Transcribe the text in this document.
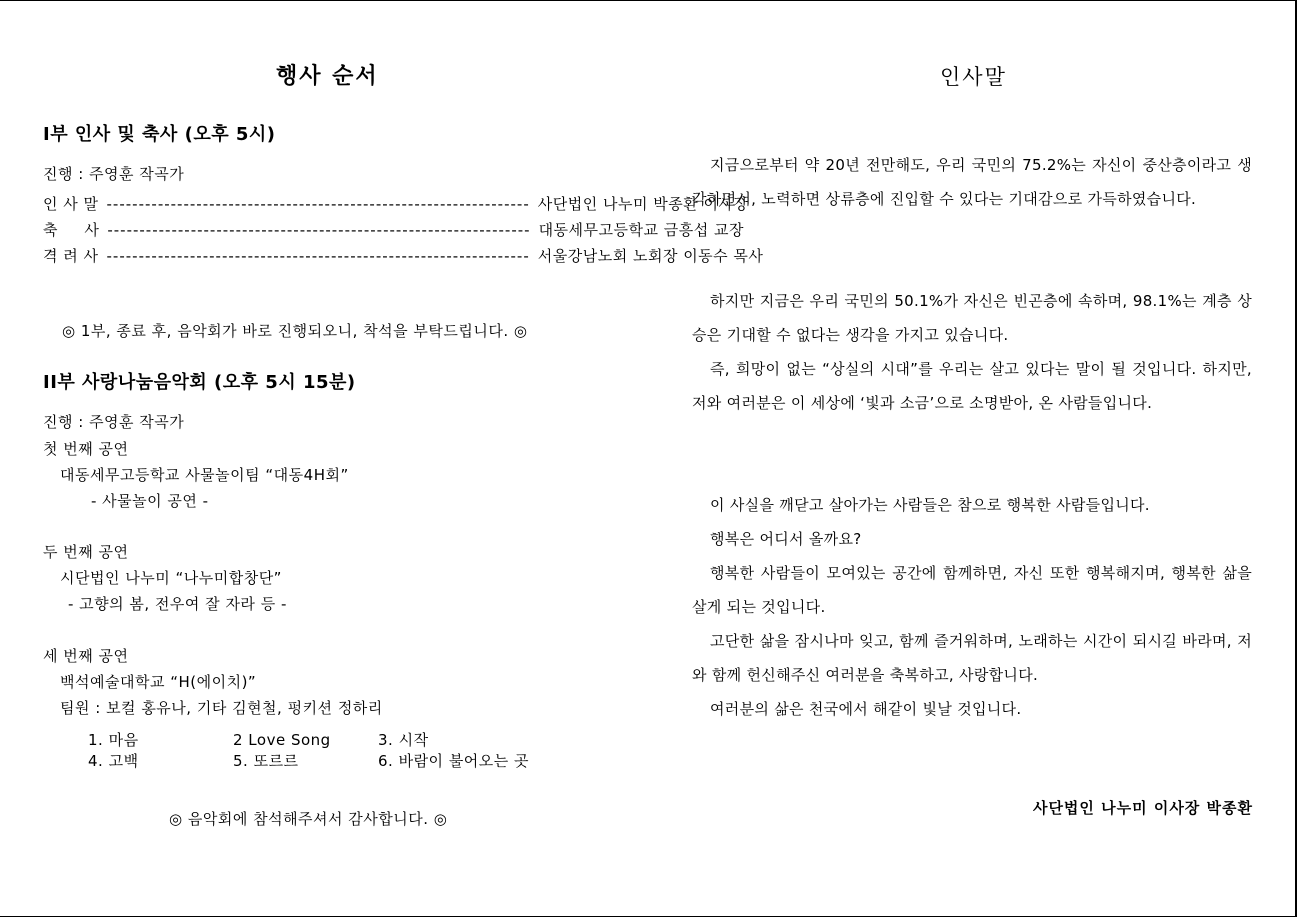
행사 순서
I부 인사 및 축사 (오후 5시)
진행 : 주영훈 작곡가
인 사 말 ------------------------------------------------------------------ 사단법인 나누미 박종환 이사장
축     사 ------------------------------------------------------------------ 대동세무고등학교 금흥섭 교장
격 려 사 ------------------------------------------------------------------ 서울강남노회 노회장 이동수 목사
◎ 1부, 종료 후, 음악회가 바로 진행되오니, 착석을 부탁드립니다. ◎
II부 사랑나눔음악회 (오후 5시 15분)
진행 : 주영훈 작곡가
첫 번째 공연
대동세무고등학교 사물놀이팀 “대동4H회”
- 사물놀이 공연 -
두 번째 공연
시단법인 나누미 “나누미합창단”
- 고향의 봄, 전우여 잘 자라 등 -
세 번째 공연
백석예술대학교 “H(에이치)”
팀원 : 보컬 홍유나, 기타 김현철, 펑키션 정하리
1. 마음	2 Love Song	3. 시작
4. 고백	5. 또르르	6. 바람이 불어오는 곳
◎ 음악회에 참석해주셔서 감사합니다. ◎
인사말
지금으로부터 약 20년 전만해도, 우리 국민의 75.2%는 자신이 중산층이라고 생각하면서, 노력하면 상류층에 진입할 수 있다는 기대감으로 가득하였습니다.
하지만 지금은 우리 국민의 50.1%가 자신은 빈곤층에 속하며, 98.1%는 계층 상승은 기대할 수 없다는 생각을 가지고 있습니다.
즉, 희망이 없는 “상실의 시대”를 우리는 살고 있다는 말이 될 것입니다. 하지만, 저와 여러분은 이 세상에 ‘빛과 소금’으로 소명받아, 온 사람들입니다.
이 사실을 깨닫고 살아가는 사람들은 참으로 행복한 사람들입니다.
행복은 어디서 올까요?
행복한 사람들이 모여있는 공간에 함께하면, 자신 또한 행복해지며, 행복한 삶을 살게 되는 것입니다.
고단한 삶을 잠시나마 잊고, 함께 즐거워하며, 노래하는 시간이 되시길 바라며, 저와 함께 헌신해주신 여러분을 축복하고, 사랑합니다.
여러분의 삶은 천국에서 해같이 빛날 것입니다.
사단법인 나누미 이사장 박종환
